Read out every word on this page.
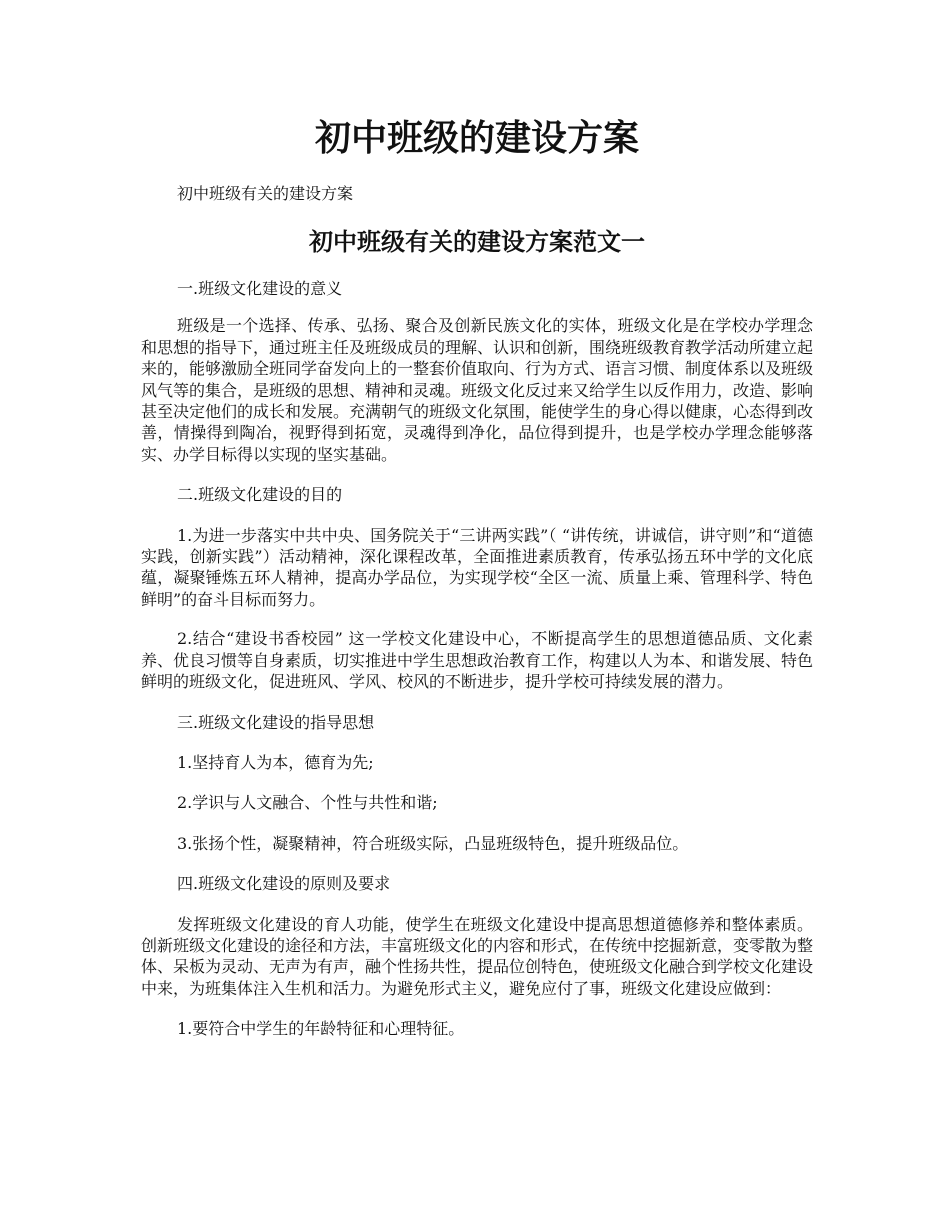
初中班级的建设方案

初中班级有关的建设方案

初中班级有关的建设方案范文一

一.班级文化建设的意义

班级是一个选择、传承、弘扬、聚合及创新民族文化的实体，班级文化是在学校办学理念和思想的指导下，通过班主任及班级成员的理解、认识和创新，围绕班级教育教学活动所建立起来的，能够激励全班同学奋发向上的一整套价值取向、行为方式、语言习惯、制度体系以及班级风气等的集合，是班级的思想、精神和灵魂。班级文化反过来又给学生以反作用力，改造、影响甚至决定他们的成长和发展。充满朝气的班级文化氛围，能使学生的身心得以健康，心态得到改善，情操得到陶冶，视野得到拓宽，灵魂得到净化，品位得到提升，也是学校办学理念能够落实、办学目标得以实现的坚实基础。

二.班级文化建设的目的

1.为进一步落实中共中央、国务院关于“三讲两实践”（ “讲传统，讲诚信，讲守则”和“道德实践，创新实践”）活动精神，深化课程改革，全面推进素质教育，传承弘扬五环中学的文化底蕴，凝聚锤炼五环人精神，提高办学品位，为实现学校“全区一流、质量上乘、管理科学、特色鲜明”的奋斗目标而努力。

2.结合“建设书香校园” 这一学校文化建设中心，不断提高学生的思想道德品质、文化素养、优良习惯等自身素质，切实推进中学生思想政治教育工作，构建以人为本、和谐发展、特色鲜明的班级文化，促进班风、学风、校风的不断进步，提升学校可持续发展的潜力。

三.班级文化建设的指导思想

1.坚持育人为本，德育为先;

2.学识与人文融合、个性与共性和谐;

3.张扬个性，凝聚精神，符合班级实际，凸显班级特色，提升班级品位。

四.班级文化建设的原则及要求

发挥班级文化建设的育人功能，使学生在班级文化建设中提高思想道德修养和整体素质。创新班级文化建设的途径和方法，丰富班级文化的内容和形式，在传统中挖掘新意，变零散为整体、呆板为灵动、无声为有声，融个性扬共性，提品位创特色，使班级文化融合到学校文化建设中来，为班集体注入生机和活力。为避免形式主义，避免应付了事，班级文化建设应做到：

1.要符合中学生的年龄特征和心理特征。
